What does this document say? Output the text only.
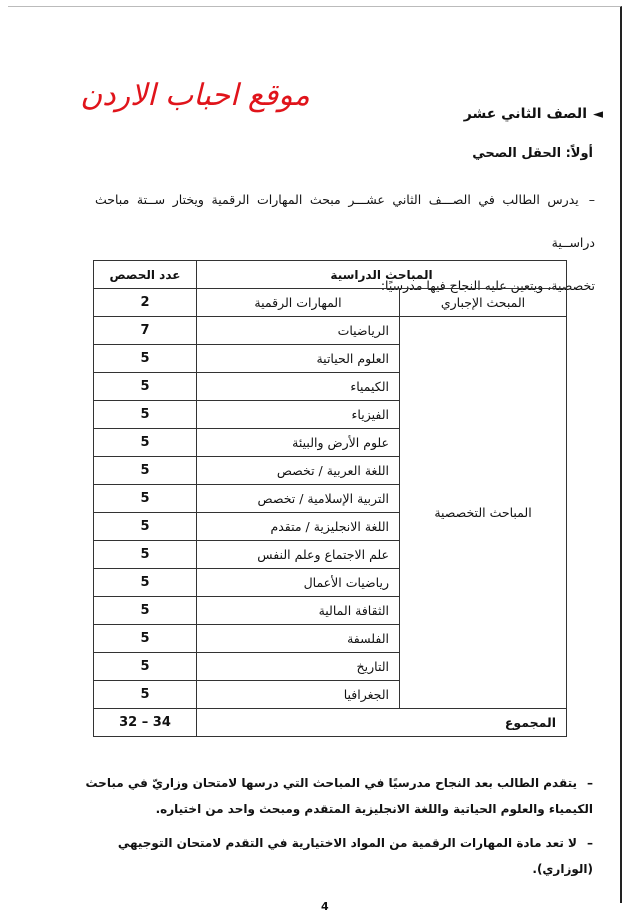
موقع احباب الاردن
◄
الصف الثاني عشر
أولاً: الحقل الصحي
–يدرس الطالب في الصـــف الثاني عشـــر مبحث المهارات الرقمية ويختار ســتة مباحث دراســية
تخصصية، ويتعين عليه النجاح فيها مدرسيًا:
المباحث الدراسية		عدد الحصص
المبحث الإجباري	المهارات الرقمية	2
المباحث التخصصية	الرياضيات	7
	العلوم الحياتية	5
	الكيمياء	5
	الفيزياء	5
	علوم الأرض والبيئة	5
	اللغة العربية / تخصص	5
	التربية الإسلامية / تخصص	5
	اللغة الانجليزية / متقدم	5
	علم الاجتماع وعلم النفس	5
	رياضيات الأعمال	5
	الثقافة المالية	5
	الفلسفة	5
	التاريخ	5
	الجغرافيا	5
المجموع		34 – 32
–يتقدم الطالب بعد النجاح مدرسيًا في المباحث التي درسها لامتحان وزاريّ في مباحث الكيمياء والعلوم الحياتية واللغة الانجليزية المتقدم ومبحث واحد من اختياره.
–لا تعد مادة المهارات الرقمية من المواد الاختيارية في التقدم لامتحان التوجيهي (الوزاري).
4
